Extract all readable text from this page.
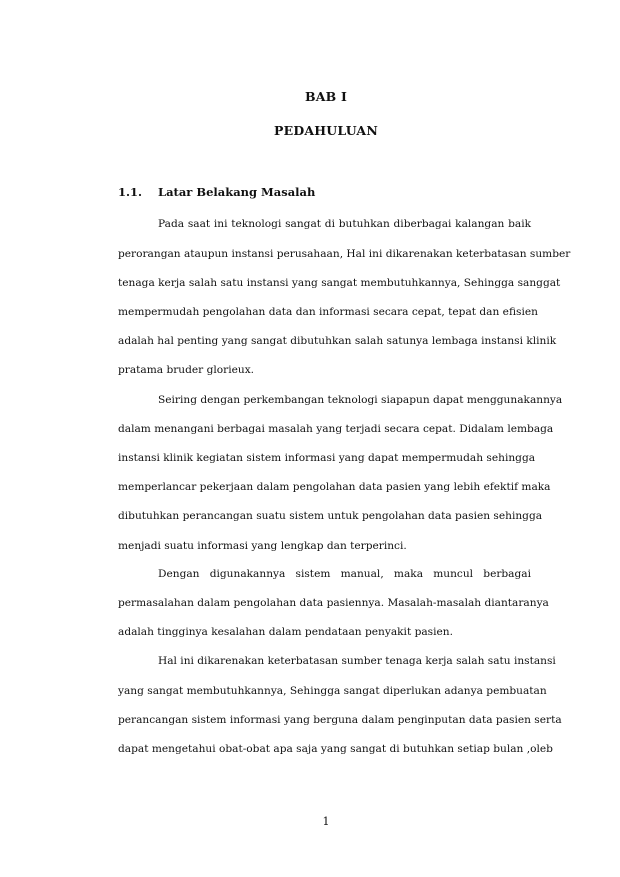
BAB I
PEDAHULUAN
1.1. Latar Belakang Masalah
Pada saat ini teknologi sangat di butuhkan diberbagai kalangan baik
perorangan ataupun instansi perusahaan, Hal ini dikarenakan keterbatasan sumber
tenaga kerja salah satu instansi yang sangat membutuhkannya, Sehingga sanggat
mempermudah pengolahan data dan informasi secara cepat, tepat dan efisien
adalah hal penting yang sangat dibutuhkan salah satunya lembaga instansi klinik
pratama bruder glorieux.
Seiring dengan perkembangan teknologi siapapun dapat menggunakannya
dalam menangani berbagai masalah yang terjadi secara cepat. Didalam lembaga
instansi klinik kegiatan sistem informasi yang dapat mempermudah sehingga
memperlancar pekerjaan dalam pengolahan data pasien yang lebih efektif maka
dibutuhkan perancangan suatu sistem untuk pengolahan data pasien sehingga
menjadi suatu informasi yang lengkap dan terperinci.
Dengan digunakannya sistem manual, maka muncul berbagai
permasalahan dalam pengolahan data pasiennya. Masalah-masalah diantaranya
adalah tingginya kesalahan dalam pendataan penyakit pasien.
Hal ini dikarenakan keterbatasan sumber tenaga kerja salah satu instansi
yang sangat membutuhkannya, Sehingga sangat diperlukan adanya pembuatan
perancangan sistem informasi yang berguna dalam penginputan data pasien serta
dapat mengetahui obat-obat apa saja yang sangat di butuhkan setiap bulan ,oleb
1
